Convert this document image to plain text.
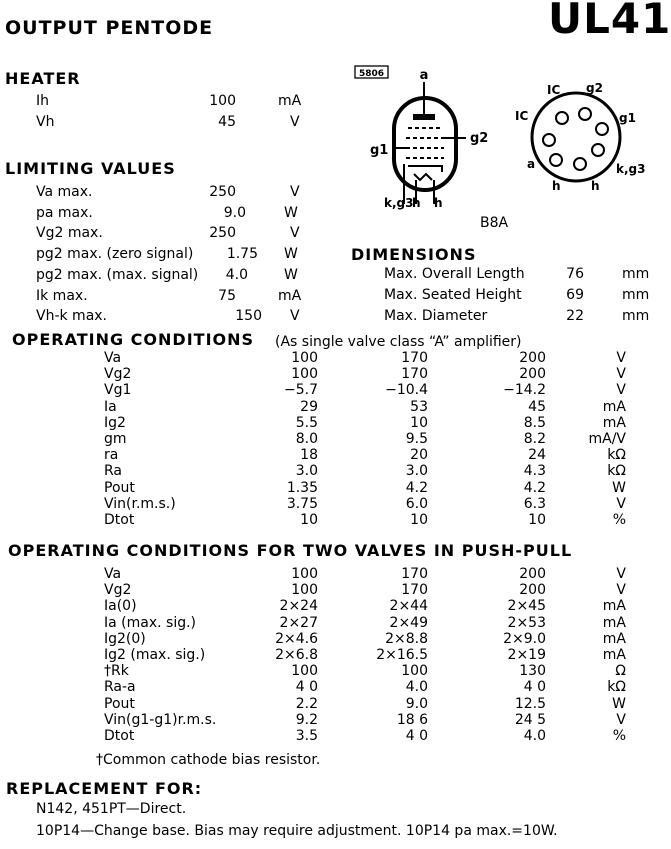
OUTPUT PENTODE	UL41
HEATER
Ih	100	mA
Vh	45	V
LIMITING VALUES
Va max.	250	V
pa max.	9.0	W
Vg2 max.	250	V
pg2 max. (zero signal)	1.75 W
pg2 max. (max. signal)	4.0	W
Ik max.	75	mA
Vh-k max.	150 V
5806	a
g2
g1
k,g3
h h
B8A
IC g2
IC	g1
a	k,g3
h	h
DIMENSIONS
Max. Overall Length	76	mm
Max. Seated Height	69	mm
Max. Diameter	22	mm
OPERATING CONDITIONS (As single valve class “A” amplifier)
Va	100	170	200	V
Vg2	100	170	200	V
Vg1	−5.7	−10.4	−14.2	V
Ia	29	53	45	mA
Ig2	5.5	10	8.5	mA
gm	8.0	9.5	8.2	mA/V
ra	18	20	24	kΩ
Ra	3.0	3.0	4.3	kΩ
Pout	1.35	4.2	4.2	W
Vin(r.m.s.)	3.75	6.0	6.3	V
Dtot	10	10	10	%
OPERATING CONDITIONS FOR TWO VALVES IN PUSH-PULL
Va	100	170	200	V
Vg2	100	170	200	V
Ia(0)	2×24	2×44	2×45	mA
Ia (max. sig.)	2×27	2×49	2×53	mA
Ig2(0)	2×4.6	2×8.8	2×9.0	mA
Ig2 (max. sig.)	2×6.8	2×16.5	2×19	mA
†Rk	100	100	130	Ω
Ra-a	4 0	4.0	4 0	kΩ
Pout	2.2	9.0	12.5	W
Vin(g1-g1)r.m.s.	9.2	18 6	24 5	V
Dtot	3.5	4 0	4.0	%
†Common cathode bias resistor.
REPLACEMENT FOR:
N142, 451PT—Direct.
10P14—Change base. Bias may require adjustment. 10P14 pa max.=10W.
